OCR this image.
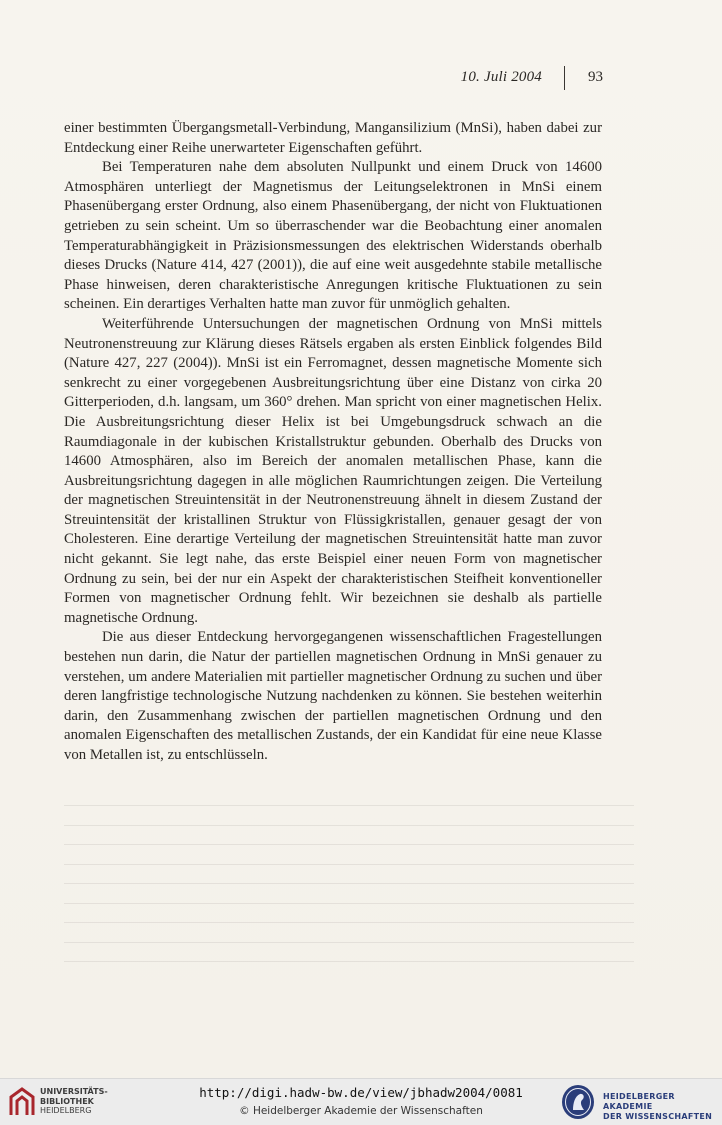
10. Juli 2004	93

einer bestimmten Übergangsmetall-Verbindung, Mangansilizium (MnSi), haben dabei zur Entdeckung einer Reihe unerwarteter Eigenschaften geführt.

Bei Temperaturen nahe dem absoluten Nullpunkt und einem Druck von 14600 Atmosphären unterliegt der Magnetismus der Leitungselektronen in MnSi einem Phasenübergang erster Ordnung, also einem Phasenübergang, der nicht von Fluktuationen getrieben zu sein scheint. Um so überraschender war die Beobachtung einer anomalen Temperaturabhängigkeit in Präzisionsmessungen des elektrischen Widerstands oberhalb dieses Drucks (Nature 414, 427 (2001)), die auf eine weit ausgedehnte stabile metallische Phase hinweisen, deren charakteristische Anregungen kritische Fluktuationen zu sein scheinen. Ein derartiges Verhalten hatte man zuvor für unmöglich gehalten.

Weiterführende Untersuchungen der magnetischen Ordnung von MnSi mittels Neutronenstreuung zur Klärung dieses Rätsels ergaben als ersten Einblick folgendes Bild (Nature 427, 227 (2004)). MnSi ist ein Ferromagnet, dessen magnetische Momente sich senkrecht zu einer vorgegebenen Ausbreitungsrichtung über eine Distanz von cirka 20 Gitterperioden, d.h. langsam, um 360° drehen. Man spricht von einer magnetischen Helix. Die Ausbreitungsrichtung dieser Helix ist bei Umgebungsdruck schwach an die Raumdiagonale in der kubischen Kristallstruktur gebunden. Oberhalb des Drucks von 14600 Atmosphären, also im Bereich der anomalen metallischen Phase, kann die Ausbreitungsrichtung dagegen in alle möglichen Raumrichtungen zeigen. Die Verteilung der magnetischen Streuintensität in der Neutronenstreuung ähnelt in diesem Zustand der Streuintensität der kristallinen Struktur von Flüssigkristallen, genauer gesagt der von Cholesteren. Eine derartige Verteilung der magnetischen Streuintensität hatte man zuvor nicht gekannt. Sie legt nahe, das erste Beispiel einer neuen Form von magnetischer Ordnung zu sein, bei der nur ein Aspekt der charakteristischen Steifheit konventioneller Formen von magnetischer Ordnung fehlt. Wir bezeichnen sie deshalb als partielle magnetische Ordnung.

Die aus dieser Entdeckung hervorgegangenen wissenschaftlichen Fragestellungen bestehen nun darin, die Natur der partiellen magnetischen Ordnung in MnSi genauer zu verstehen, um andere Materialien mit partieller magnetischer Ordnung zu suchen und über deren langfristige technologische Nutzung nachdenken zu können. Sie bestehen weiterhin darin, den Zusammenhang zwischen der partiellen magnetischen Ordnung und den anomalen Eigenschaften des metallischen Zustands, der ein Kandidat für eine neue Klasse von Metallen ist, zu entschlüsseln.

UNIVERSITÄTS-
BIBLIOTHEK
HEIDELBERG
http://digi.hadw-bw.de/view/jbhadw2004/0081
© Heidelberger Akademie der Wissenschaften
HEIDELBERGER AKADEMIE
DER WISSENSCHAFTEN
